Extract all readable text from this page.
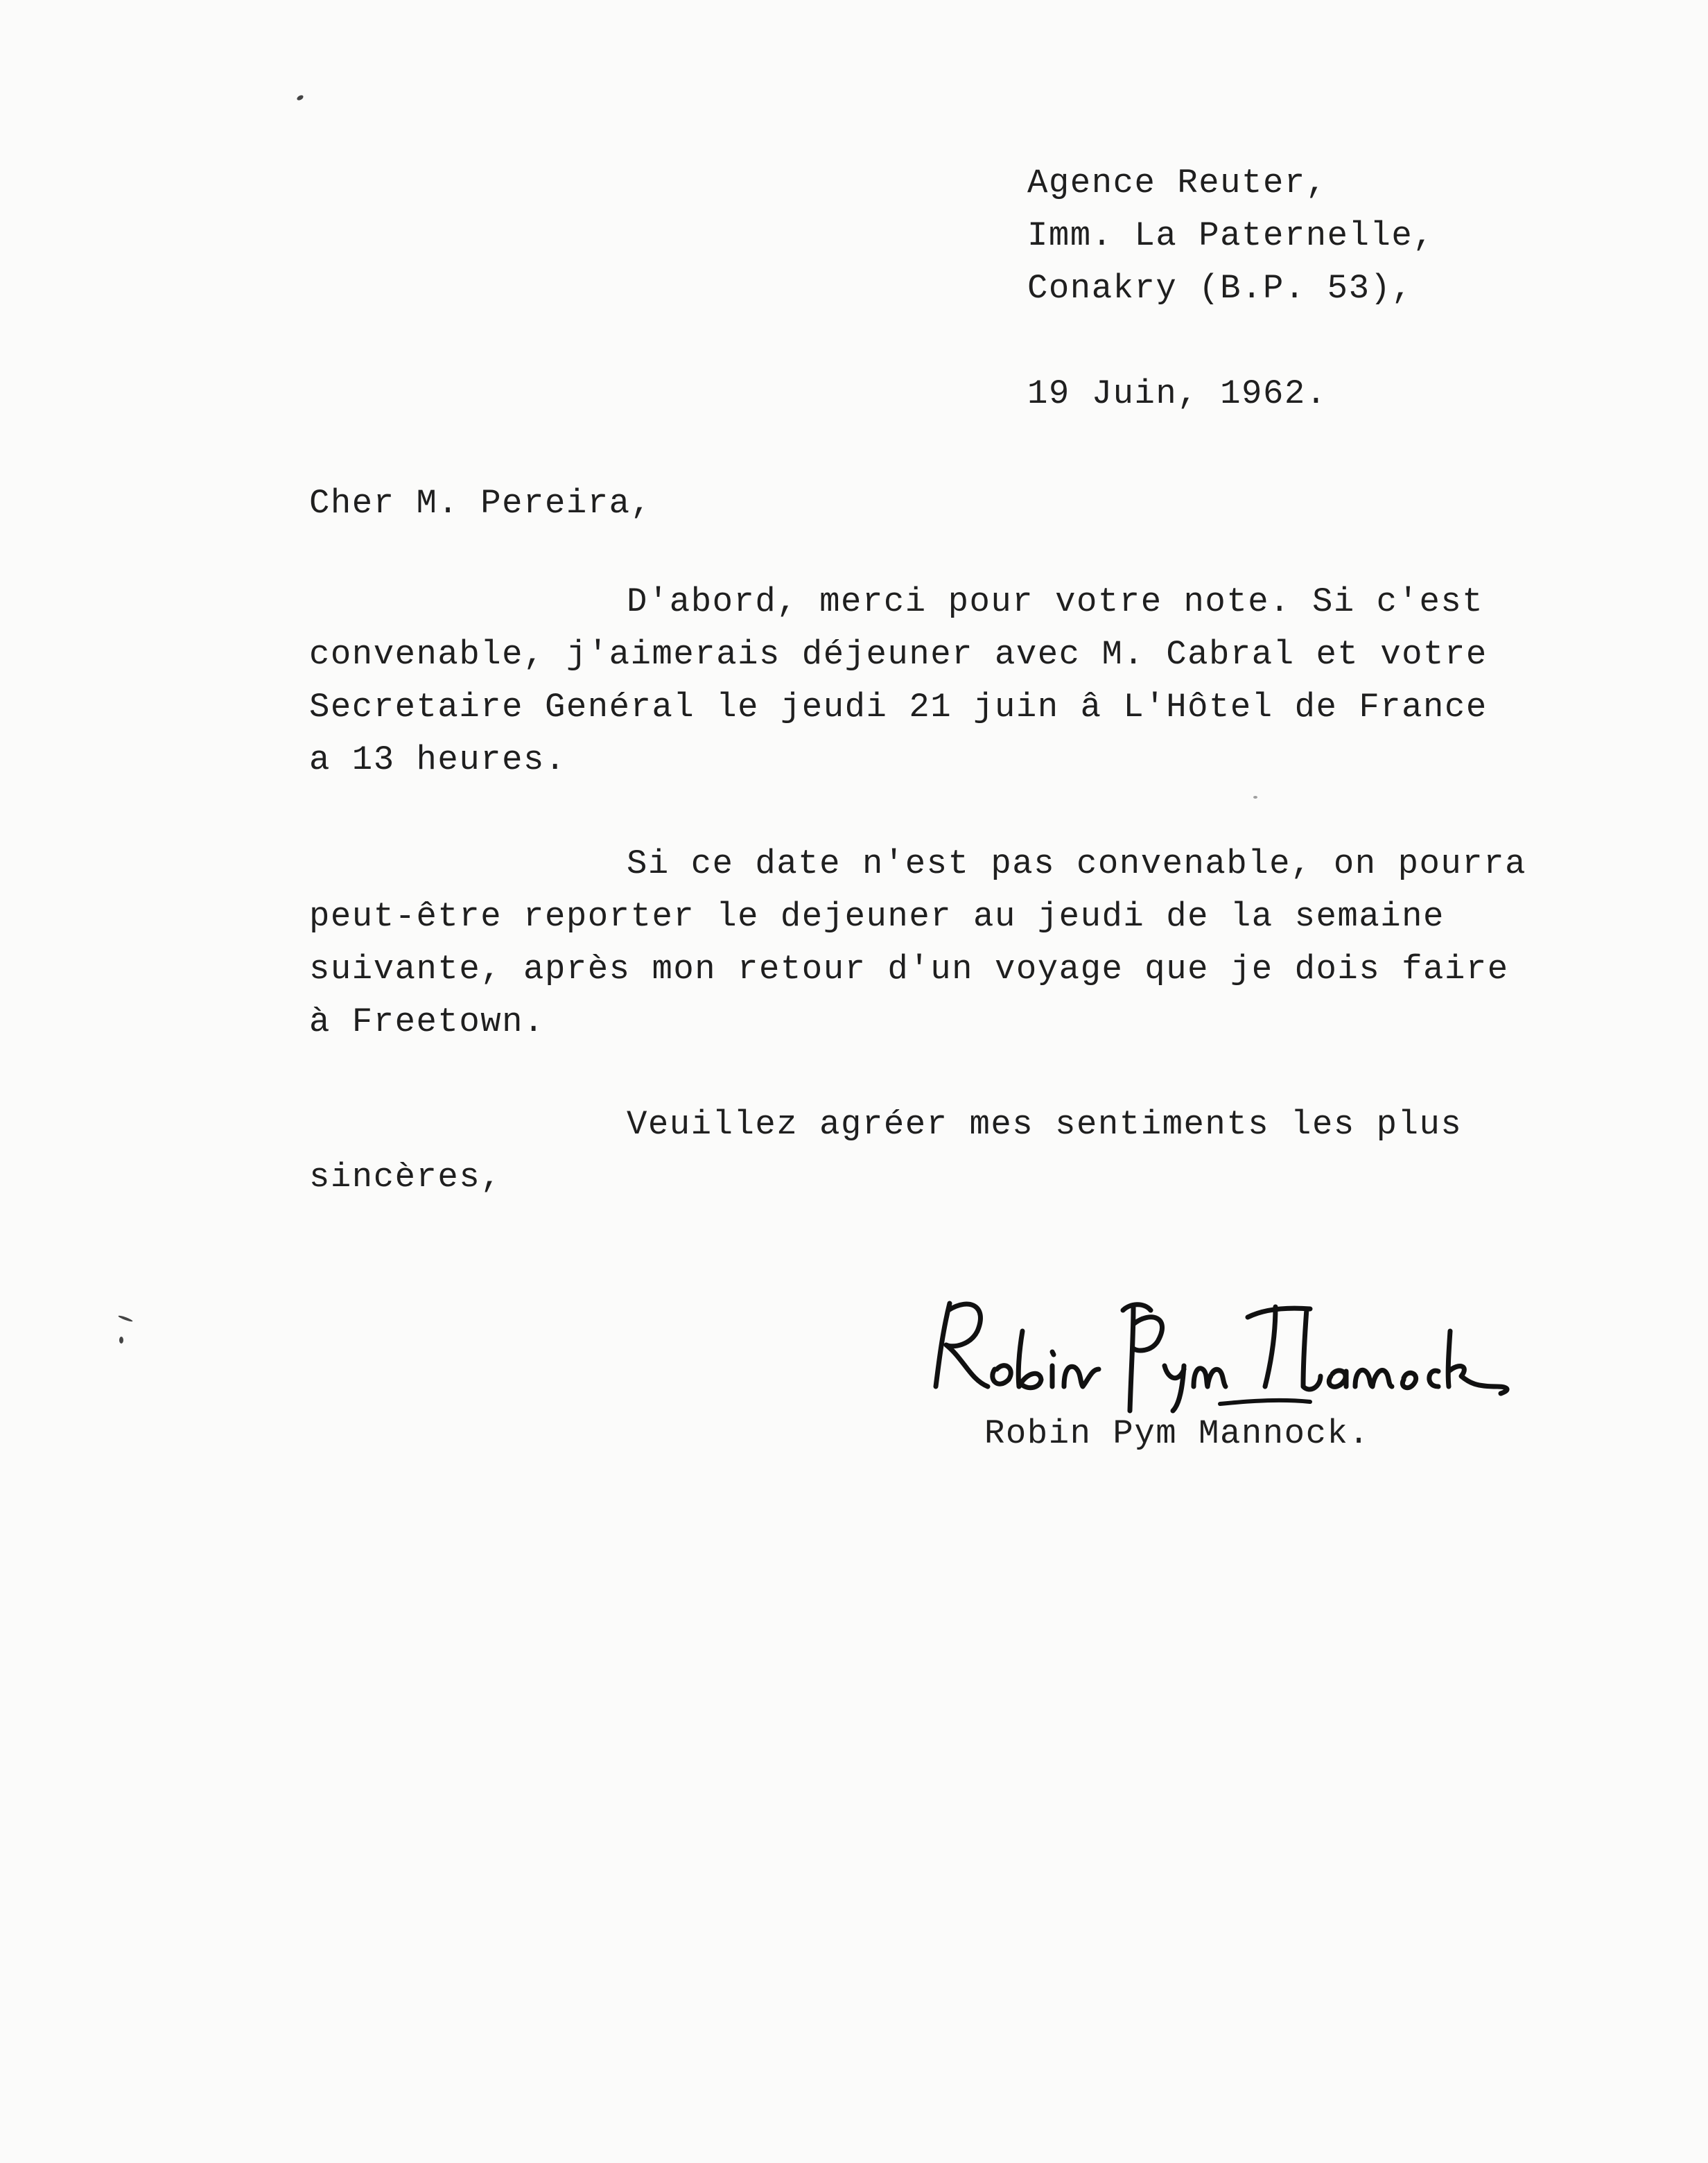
Agence Reuter,
Imm. La Paternelle,
Conakry (B.P. 53),
19 Juin, 1962.
Cher M. Pereira,
D'abord, merci pour votre note. Si c'est
convenable, j'aimerais déjeuner avec M. Cabral et votre
Secretaire Genéral le jeudi 21 juin â L'Hôtel de France
a 13 heures.
Si ce date n'est pas convenable, on pourra
peut-être reporter le dejeuner au jeudi de la semaine
suivante, après mon retour d'un voyage que je dois faire
à Freetown.
Veuillez agréer mes sentiments les plus
sincères,
Robin Pym Mannock.
